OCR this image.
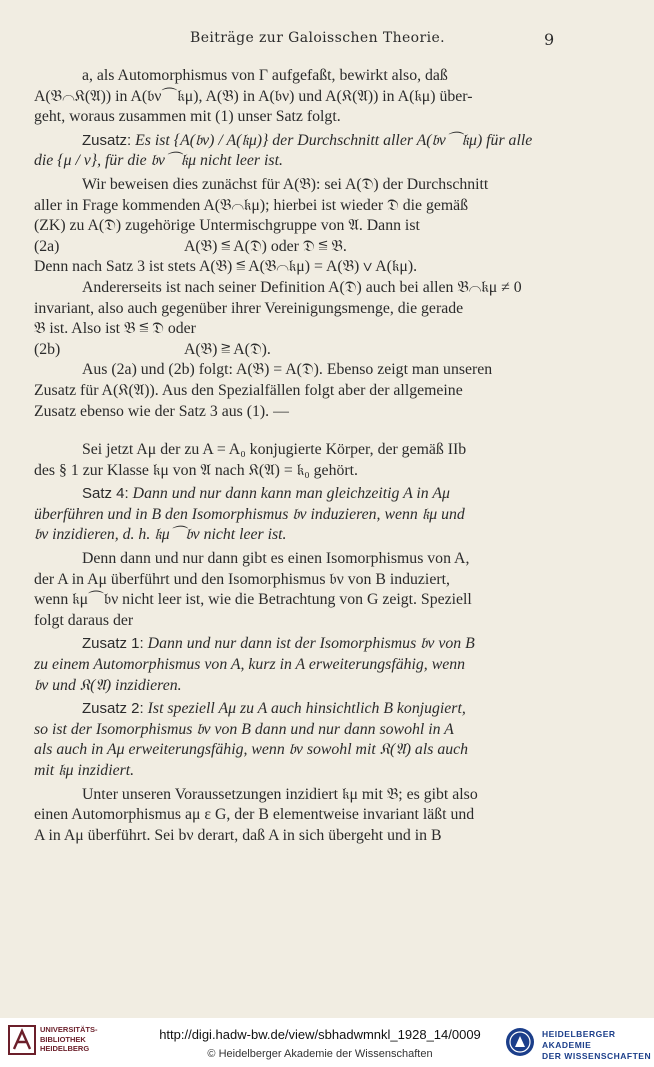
Beiträge zur Galoisschen Theorie.	9

a, als Automorphismus von Γ aufgefaßt, bewirkt also, daß

A(𝔅⌒𝔎(𝔄)) in A(𝔟ν⌒𝔨μ), A(𝔅) in A(𝔟ν) und A(𝔎(𝔄)) in A(𝔨μ) über-

geht, woraus zusammen mit (1) unser Satz folgt.

Zusatz: Es ist {A(𝔟ν) / A(𝔨μ)} der Durchschnitt aller A(𝔟ν⌒𝔨μ) für alle

die {μ / ν}, für die 𝔟ν⌒𝔨μ nicht leer ist.

Wir beweisen dies zunächst für A(𝔅): sei A(𝔇) der Durchschnitt

aller in Frage kommenden A(𝔅⌒𝔨μ); hierbei ist wieder 𝔇 die gemäß

(ZK) zu A(𝔇) zugehörige Untermischgruppe von 𝔄. Dann ist

(2a)	A(𝔅) ≦ A(𝔇) oder 𝔇 ≦ 𝔅.

Denn nach Satz 3 ist stets A(𝔅) ≦ A(𝔅⌒𝔨μ) = A(𝔅) ∨ A(𝔨μ).

Andererseits ist nach seiner Definition A(𝔇) auch bei allen 𝔅⌒𝔨μ ≠ 0

invariant, also auch gegenüber ihrer Vereinigungsmenge, die gerade

𝔅 ist. Also ist 𝔅 ≦ 𝔇 oder

(2b)	A(𝔅) ≧ A(𝔇).

Aus (2a) und (2b) folgt: A(𝔅) = A(𝔇). Ebenso zeigt man unseren

Zusatz für A(𝔎(𝔄)). Aus den Spezialfällen folgt aber der allgemeine

Zusatz ebenso wie der Satz 3 aus (1). —

Sei jetzt Aμ der zu A = A₀ konjugierte Körper, der gemäß IIb

des § 1 zur Klasse 𝔨μ von 𝔄 nach 𝔎(𝔄) = 𝔨₀ gehört.

Satz 4: Dann und nur dann kann man gleichzeitig A in Aμ

überführen und in B den Isomorphismus 𝔟ν induzieren, wenn 𝔨μ und

𝔟ν inzidieren, d. h. 𝔨μ⌒𝔟ν nicht leer ist.

Denn dann und nur dann gibt es einen Isomorphismus von A,

der A in Aμ überführt und den Isomorphismus 𝔟ν von B induziert,

wenn 𝔨μ⌒𝔟ν nicht leer ist, wie die Betrachtung von G zeigt. Speziell

folgt daraus der

Zusatz 1: Dann und nur dann ist der Isomorphismus 𝔟ν von B

zu einem Automorphismus von A, kurz in A erweiterungsfähig, wenn

𝔟ν und 𝔎(𝔄) inzidieren.

Zusatz 2: Ist speziell Aμ zu A auch hinsichtlich B konjugiert,

so ist der Isomorphismus 𝔟ν von B dann und nur dann sowohl in A

als auch in Aμ erweiterungsfähig, wenn 𝔟ν sowohl mit 𝔎(𝔄) als auch

mit 𝔨μ inzidiert.

Unter unseren Voraussetzungen inzidiert 𝔨μ mit 𝔅; es gibt also

einen Automorphismus aμ ε G, der B elementweise invariant läßt und

A in Aμ überführt. Sei bν derart, daß A in sich übergeht und in B

UNIVERSITÄTS-
BIBLIOTHEK
HEIDELBERG
http://digi.hadw-bw.de/view/sbhadwmnkl_1928_14/0009
© Heidelberger Akademie der Wissenschaften
HEIDELBERGER AKADEMIE
DER WISSENSCHAFTEN
